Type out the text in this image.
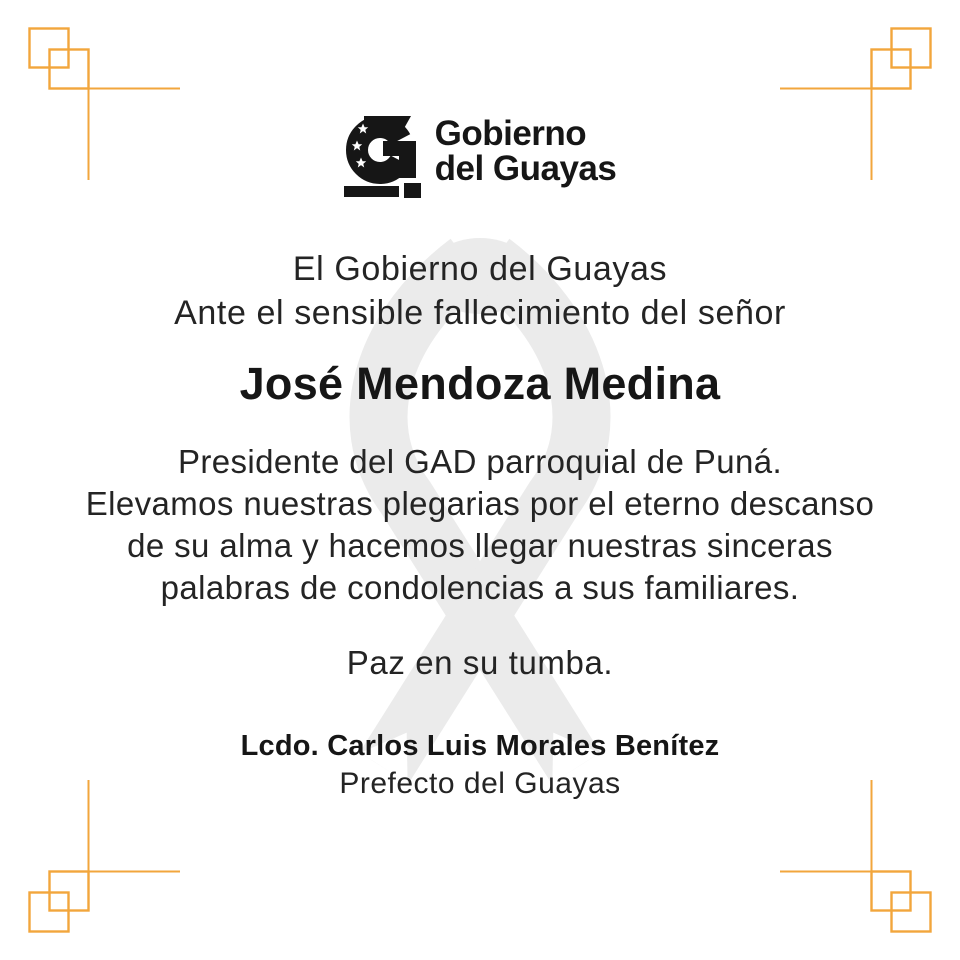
Gobierno
del Guayas
El Gobierno del Guayas
Ante el sensible fallecimiento del señor
José Mendoza Medina
Presidente del GAD parroquial de Puná.
Elevamos nuestras plegarias por el eterno descanso
de su alma y hacemos llegar nuestras sinceras
palabras de condolencias a sus familiares.
Paz en su tumba.
Lcdo. Carlos Luis Morales Benítez
Prefecto del Guayas
